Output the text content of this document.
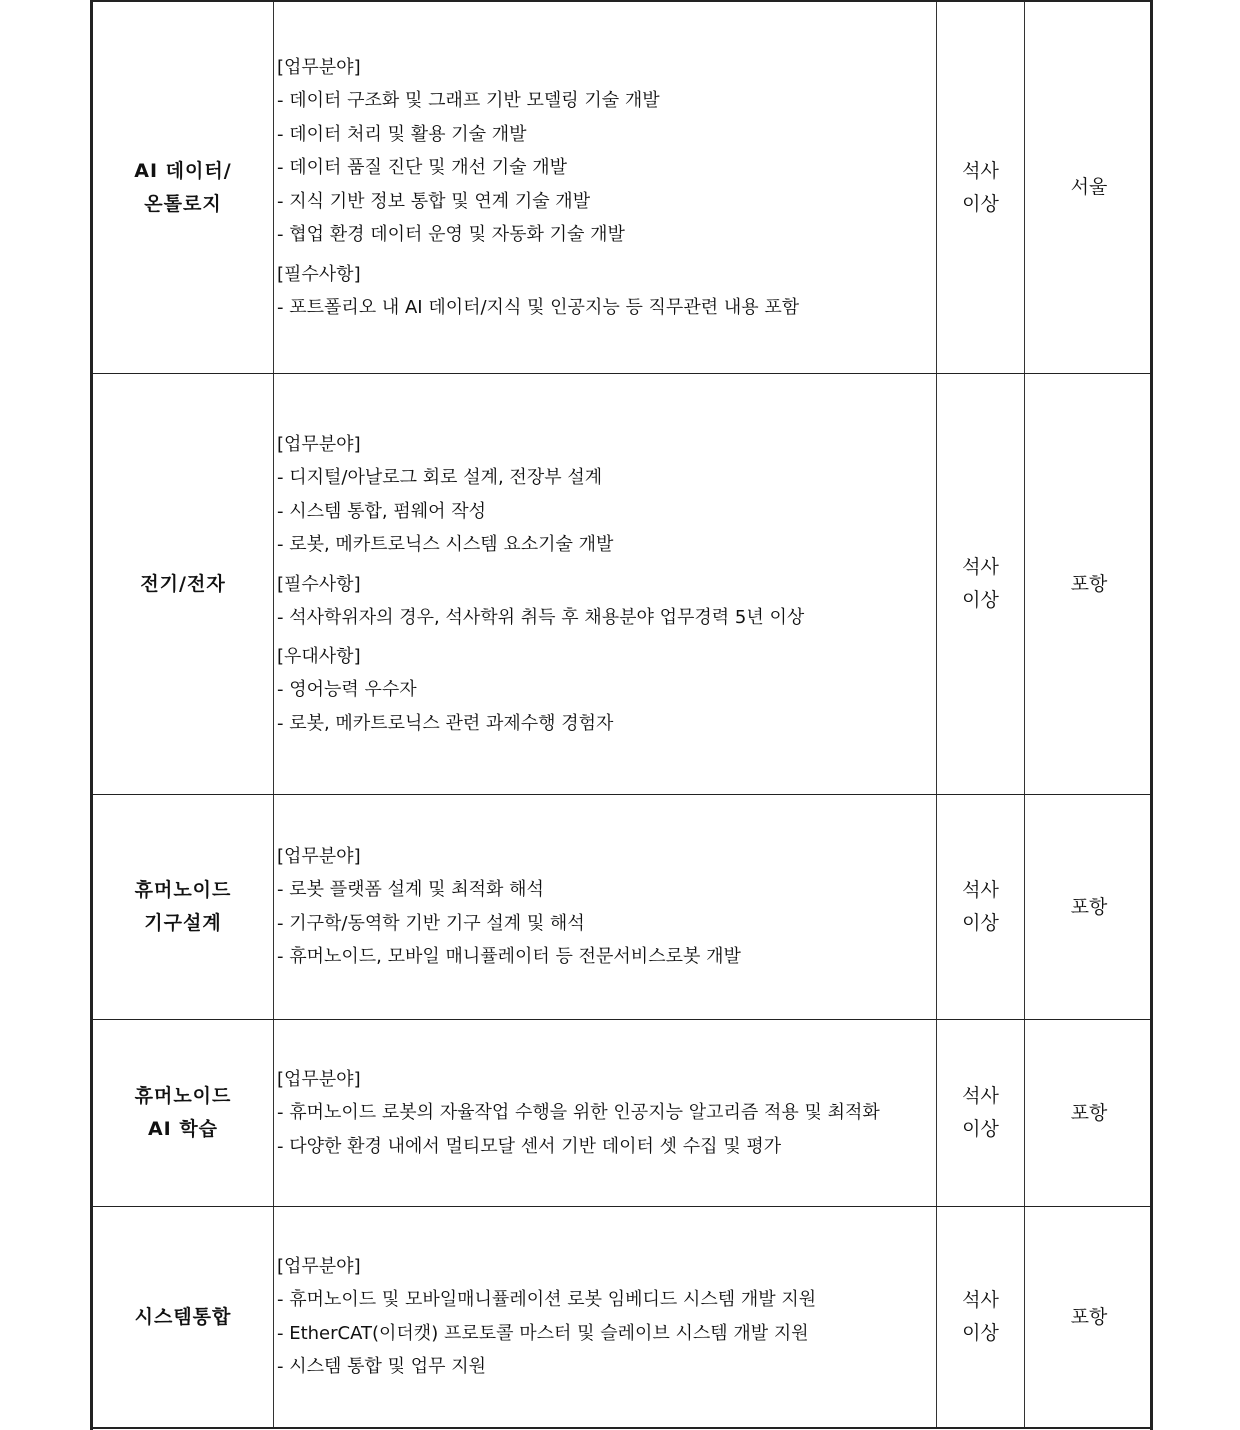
AI 데이터/
온톨로지
[업무분야]
- 데이터 구조화 및 그래프 기반 모델링 기술 개발
- 데이터 처리 및 활용 기술 개발
- 데이터 품질 진단 및 개선 기술 개발
- 지식 기반 정보 통합 및 연계 기술 개발
- 협업 환경 데이터 운영 및 자동화 기술 개발
[필수사항]
- 포트폴리오 내 AI 데이터/지식 및 인공지능 등 직무관련 내용 포함
석사
이상
서울
전기/전자
[업무분야]
- 디지털/아날로그 회로 설계, 전장부 설계
- 시스템 통합, 펌웨어 작성
- 로봇, 메카트로닉스 시스템 요소기술 개발
[필수사항]
- 석사학위자의 경우, 석사학위 취득 후 채용분야 업무경력 5년 이상
[우대사항]
- 영어능력 우수자
- 로봇, 메카트로닉스 관련 과제수행 경험자
석사
이상
포항
휴머노이드
기구설계
[업무분야]
- 로봇 플랫폼 설계 및 최적화 해석
- 기구학/동역학 기반 기구 설계 및 해석
- 휴머노이드, 모바일 매니퓰레이터 등 전문서비스로봇 개발
석사
이상
포항
휴머노이드
AI 학습
[업무분야]
- 휴머노이드 로봇의 자율작업 수행을 위한 인공지능 알고리즘 적용 및 최적화
- 다양한 환경 내에서 멀티모달 센서 기반 데이터 셋 수집 및 평가
석사
이상
포항
시스템통합
[업무분야]
- 휴머노이드 및 모바일매니퓰레이션 로봇 임베디드 시스템 개발 지원
- EtherCAT(이더캣) 프로토콜 마스터 및 슬레이브 시스템 개발 지원
- 시스템 통합 및 업무 지원
석사
이상
포항
